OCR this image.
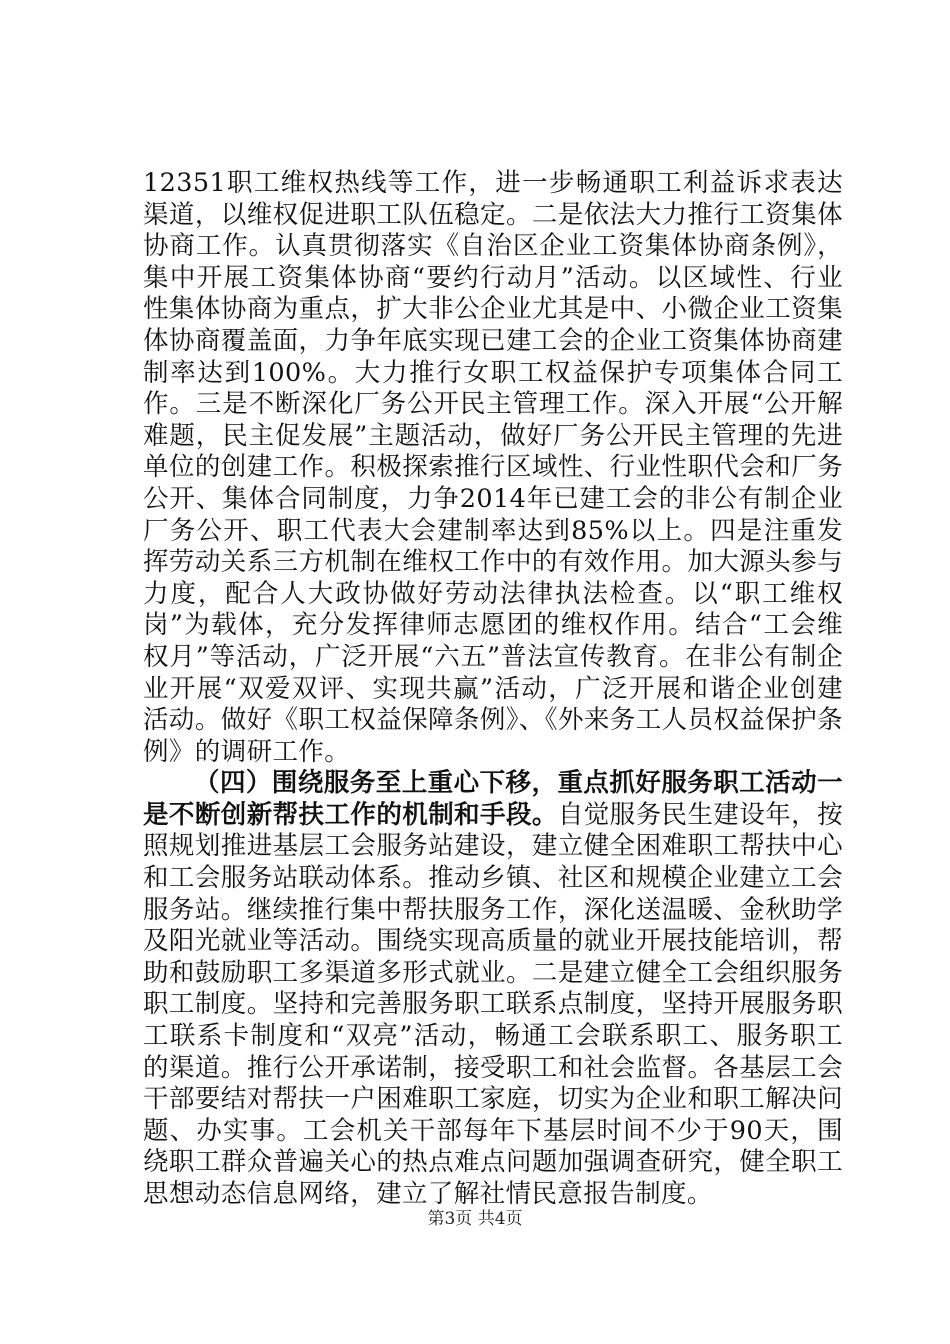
12351职工维权热线等工作，进一步畅通职工利益诉求表达渠道，以维权促进职工队伍稳定。二是依法大力推行工资集体协商工作。认真贯彻落实《自治区企业工资集体协商条例》，集中开展工资集体协商“要约行动月”活动。以区域性、行业性集体协商为重点，扩大非公企业尤其是中、小微企业工资集体协商覆盖面，力争年底实现已建工会的企业工资集体协商建制率达到100%。大力推行女职工权益保护专项集体合同工作。三是不断深化厂务公开民主管理工作。深入开展“公开解难题，民主促发展”主题活动，做好厂务公开民主管理的先进单位的创建工作。积极探索推行区域性、行业性职代会和厂务公开、集体合同制度，力争2014年已建工会的非公有制企业厂务公开、职工代表大会建制率达到85%以上。四是注重发挥劳动关系三方机制在维权工作中的有效作用。加大源头参与力度，配合人大政协做好劳动法律执法检查。以“职工维权岗”为载体，充分发挥律师志愿团的维权作用。结合“工会维权月”等活动，广泛开展“六五”普法宣传教育。在非公有制企业开展“双爱双评、实现共赢”活动，广泛开展和谐企业创建活动。做好《职工权益保障条例》、《外来务工人员权益保护条例》的调研工作。

（四）围绕服务至上重心下移，重点抓好服务职工活动一是不断创新帮扶工作的机制和手段。自觉服务民生建设年，按照规划推进基层工会服务站建设，建立健全困难职工帮扶中心和工会服务站联动体系。推动乡镇、社区和规模企业建立工会服务站。继续推行集中帮扶服务工作，深化送温暖、金秋助学及阳光就业等活动。围绕实现高质量的就业开展技能培训，帮助和鼓励职工多渠道多形式就业。二是建立健全工会组织服务职工制度。坚持和完善服务职工联系点制度，坚持开展服务职工联系卡制度和“双亮”活动，畅通工会联系职工、服务职工的渠道。推行公开承诺制，接受职工和社会监督。各基层工会干部要结对帮扶一户困难职工家庭，切实为企业和职工解决问题、办实事。工会机关干部每年下基层时间不少于90天，围绕职工群众普遍关心的热点难点问题加强调查研究，健全职工思想动态信息网络，建立了解社情民意报告制度。

第3页 共4页
